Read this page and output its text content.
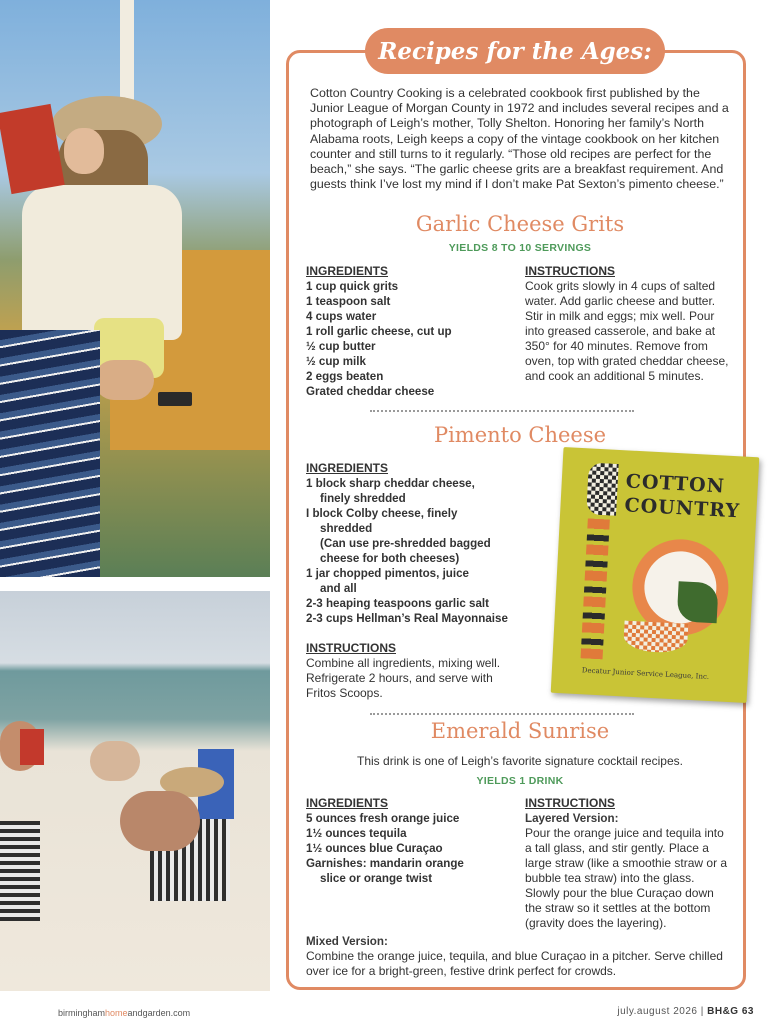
Recipes for the Ages:

Cotton Country Cooking is a celebrated cookbook first published by the Junior League of Morgan County in 1972 and includes several recipes and a photograph of Leigh’s mother, Tolly Shelton. Honoring her family’s North Alabama roots, Leigh keeps a copy of the vintage cookbook on her kitchen counter and still turns to it regularly. “Those old recipes are perfect for the beach,” she says. “The garlic cheese grits are a breakfast requirement. And guests think I’ve lost my mind if I don’t make Pat Sexton’s pimento cheese.”

Garlic Cheese Grits
YIELDS 8 TO 10 SERVINGS
INGREDIENTS
1 cup quick grits
1 teaspoon salt
4 cups water
1 roll garlic cheese, cut up
½ cup butter
½ cup milk
2 eggs beaten
Grated cheddar cheese
INSTRUCTIONS

Cook grits slowly in 4 cups of salted water. Add garlic cheese and butter. Stir in milk and eggs; mix well. Pour into greased casserole, and bake at 350° for 40 minutes. Remove from oven, top with grated cheddar cheese, and cook an additional 5 minutes.

Pimento Cheese
INGREDIENTS
1 block sharp cheddar cheese,
finely shredded
I block Colby cheese, finely
shredded
(Can use pre-shredded bagged
cheese for both cheeses)
1 jar chopped pimentos, juice
and all
2-3 heaping teaspoons garlic salt
2-3 cups Hellman’s Real Mayonnaise
INSTRUCTIONS

Combine all ingredients, mixing well. Refrigerate 2 hours, and serve with Fritos Scoops.

COTTON
COUNTRY
Decatur Junior Service League, Inc.
Emerald Sunrise
This drink is one of Leigh’s favorite signature cocktail recipes.
YIELDS 1 DRINK
INGREDIENTS
5 ounces fresh orange juice
1½ ounces tequila
1½ ounces blue Curaçao
Garnishes: mandarin orange
slice or orange twist
INSTRUCTIONS
Layered Version:

Pour the orange juice and tequila into a tall glass, and stir gently. Place a large straw (like a smoothie straw or a bubble tea straw) into the glass. Slowly pour the blue Curaçao down the straw so it settles at the bottom (gravity does the layering).

Mixed Version:

Combine the orange juice, tequila, and blue Curaçao in a pitcher. Serve chilled over ice for a bright-green, festive drink perfect for crowds.

birminghamhomeandgarden.com	july.august 2026 | BH&G 63
